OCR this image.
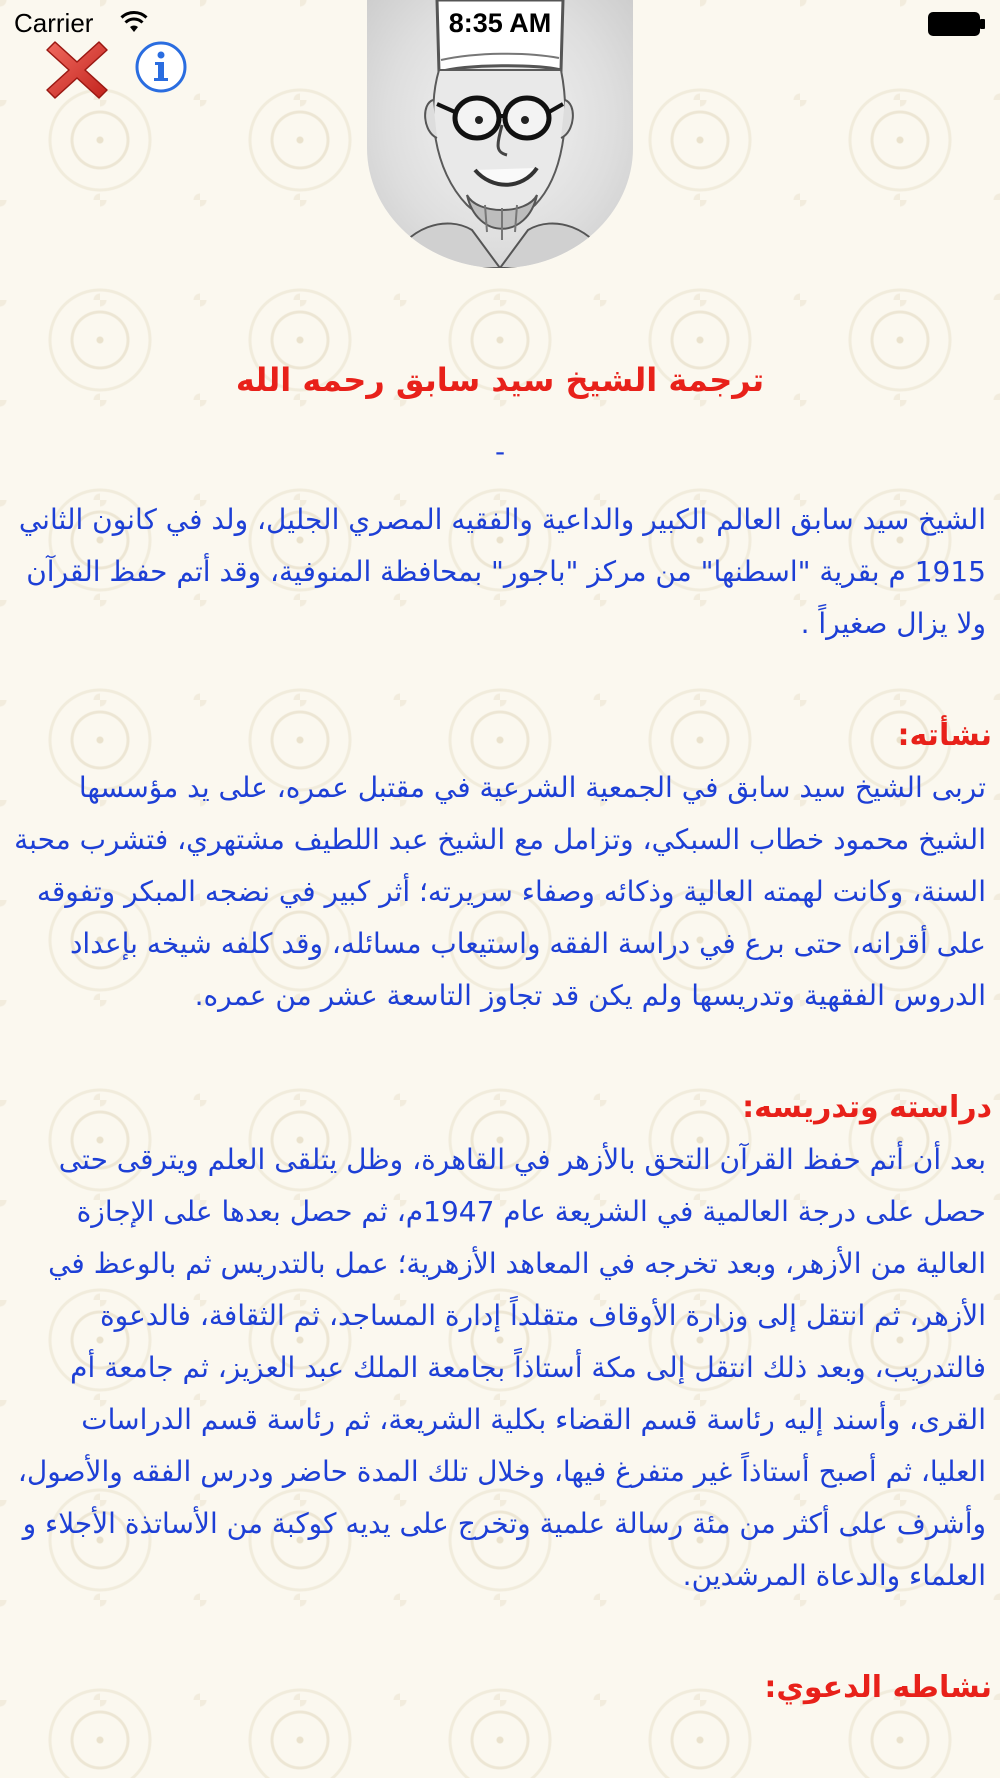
Carrier	8:35 AM
ترجمة الشيخ سيد سابق رحمه الله
-

الشيخ سيد سابق العالم الكبير والداعية والفقيه المصري الجليل، ولد في كانون الثاني 1915 م بقرية "اسطنها" من مركز "باجور" بمحافظة المنوفية، وقد أتم حفظ القرآن ولا يزال صغيراً .

نشأته:

تربى الشيخ سيد سابق في الجمعية الشرعية في مقتبل عمره، على يد مؤسسها الشيخ محمود خطاب السبكي، وتزامل مع الشيخ عبد اللطيف مشتهري، فتشرب محبة السنة، وكانت لهمته العالية وذكائه وصفاء سريرته؛ أثر كبير في نضجه المبكر وتفوقه على أقرانه، حتى برع في دراسة الفقه واستيعاب مسائله، وقد كلفه شيخه بإعداد الدروس الفقهية وتدريسها ولم يكن قد تجاوز التاسعة عشر من عمره.

دراسته وتدريسه:

بعد أن أتم حفظ القرآن التحق بالأزهر في القاهرة، وظل يتلقى العلم ويترقى حتى حصل على درجة العالمية في الشريعة عام 1947م، ثم حصل بعدها على الإجازة العالية من الأزهر، وبعد تخرجه في المعاهد الأزهرية؛ عمل بالتدريس ثم بالوعظ في الأزهر، ثم انتقل إلى وزارة الأوقاف متقلداً إدارة المساجد، ثم الثقافة، فالدعوة فالتدريب، وبعد ذلك انتقل إلى مكة أستاذاً بجامعة الملك عبد العزيز، ثم جامعة أم القرى، وأسند إليه رئاسة قسم القضاء بكلية الشريعة، ثم رئاسة قسم الدراسات العليا، ثم أصبح أستاذاً غير متفرغ فيها، وخلال تلك المدة حاضر ودرس الفقه والأصول، وأشرف على أكثر من مئة رسالة علمية وتخرج على يديه كوكبة من الأساتذة الأجلاء و العلماء والدعاة المرشدين.

نشاطه الدعوي:
